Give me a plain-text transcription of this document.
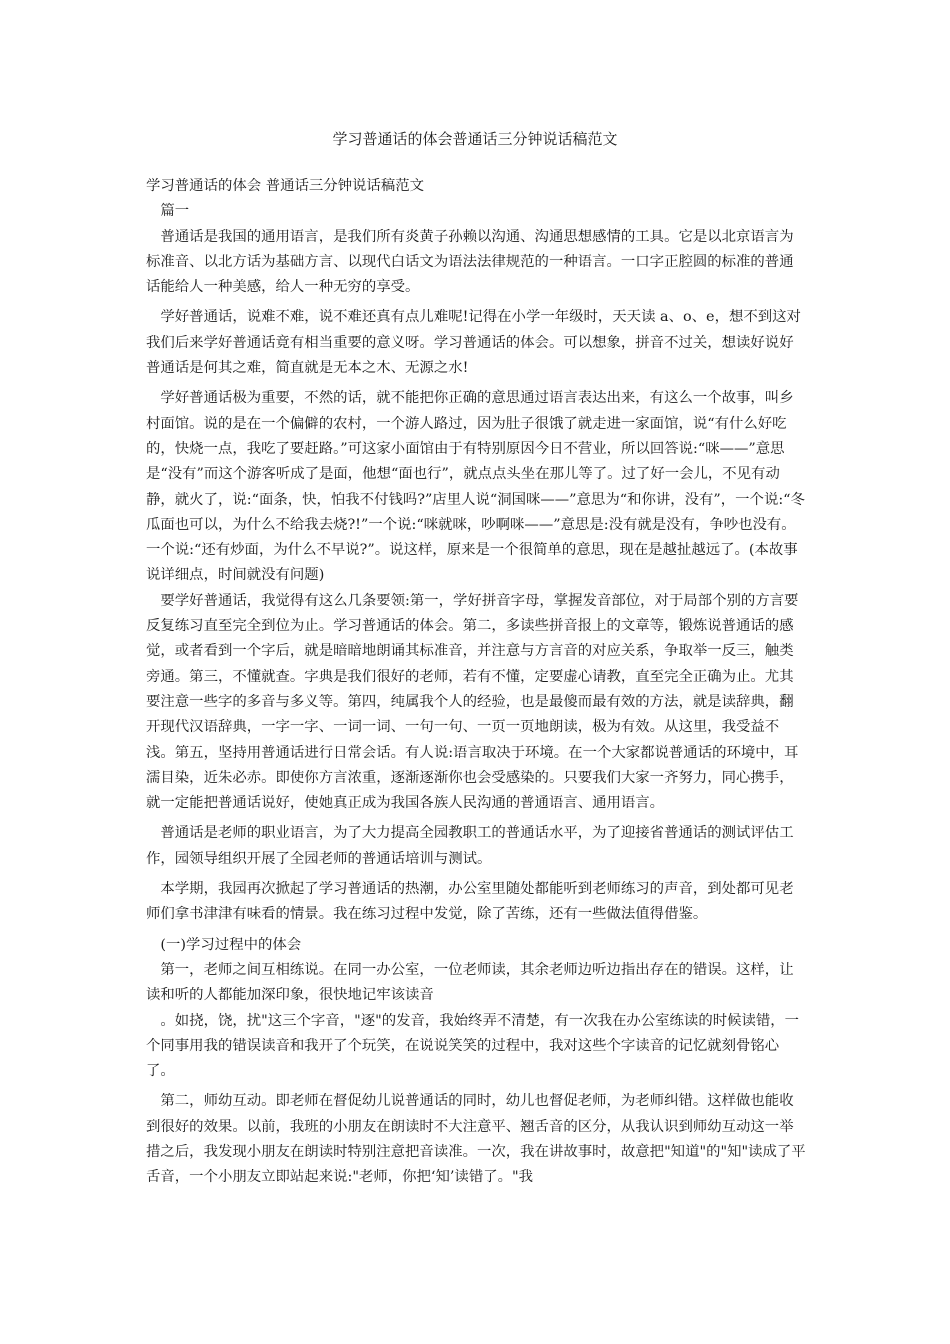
学习普通话的体会普通话三分钟说话稿范文

学习普通话的体会 普通话三分钟说话稿范文

篇一

普通话是我国的通用语言，是我们所有炎黄子孙赖以沟通、沟通思想感情的工具。它是以北京语言为标准音、以北方话为基础方言、以现代白话文为语法法律规范的一种语言。一口字正腔圆的标准的普通话能给人一种美感，给人一种无穷的享受。

学好普通话，说难不难，说不难还真有点儿难呢!记得在小学一年级时，天天读 a、o、e，想不到这对我们后来学好普通话竟有相当重要的意义呀。学习普通话的体会。可以想象，拼音不过关，想读好说好普通话是何其之难，简直就是无本之木、无源之水!

学好普通话极为重要，不然的话，就不能把你正确的意思通过语言表达出来，有这么一个故事，叫乡村面馆。说的是在一个偏僻的农村，一个游人路过，因为肚子很饿了就走进一家面馆，说“有什么好吃的，快烧一点，我吃了要赶路。”可这家小面馆由于有特别原因今日不营业，所以回答说:“咪——”意思是“没有”而这个游客听成了是面，他想“面也行”，就点点头坐在那儿等了。过了好一会儿，不见有动静，就火了，说:“面条，快，怕我不付钱吗?”店里人说“洞国咪——”意思为“和你讲，没有”，一个说:“冬瓜面也可以，为什么不给我去烧?!”一个说:“咪就咪，吵啊咪——”意思是:没有就是没有，争吵也没有。一个说:“还有炒面，为什么不早说?”。说这样，原来是一个很简单的意思，现在是越扯越远了。(本故事说详细点，时间就没有问题)

要学好普通话，我觉得有这么几条要领:第一，学好拼音字母，掌握发音部位，对于局部个别的方言要反复练习直至完全到位为止。学习普通话的体会。第二，多读些拼音报上的文章等，锻炼说普通话的感觉，或者看到一个字后，就是暗暗地朗诵其标准音，并注意与方言音的对应关系，争取举一反三，触类旁通。第三，不懂就查。字典是我们很好的老师，若有不懂，定要虚心请教，直至完全正确为止。尤其要注意一些字的多音与多义等。第四，纯属我个人的经验，也是最傻而最有效的方法，就是读辞典，翻开现代汉语辞典，一字一字、一词一词、一句一句、一页一页地朗读，极为有效。从这里，我受益不浅。第五，坚持用普通话进行日常会话。有人说:语言取决于环境。在一个大家都说普通话的环境中，耳濡目染，近朱必赤。即使你方言浓重，逐渐逐渐你也会受感染的。只要我们大家一齐努力，同心携手，就一定能把普通话说好，使她真正成为我国各族人民沟通的普通语言、通用语言。

普通话是老师的职业语言，为了大力提高全园教职工的普通话水平，为了迎接省普通话的测试评估工作，园领导组织开展了全园老师的普通话培训与测试。

本学期，我园再次掀起了学习普通话的热潮，办公室里随处都能听到老师练习的声音，到处都可见老师们拿书津津有味看的情景。我在练习过程中发觉，除了苦练，还有一些做法值得借鉴。

(一)学习过程中的体会

第一，老师之间互相练说。在同一办公室，一位老师读，其余老师边听边指出存在的错误。这样，让读和听的人都能加深印象，很快地记牢该读音

。如挠，饶，扰"这三个字音，"逐"的发音，我始终弄不清楚，有一次我在办公室练读的时候读错，一个同事用我的错误读音和我开了个玩笑，在说说笑笑的过程中，我对这些个字读音的记忆就刻骨铭心了。

第二，师幼互动。即老师在督促幼儿说普通话的同时，幼儿也督促老师，为老师纠错。这样做也能收到很好的效果。以前，我班的小朋友在朗读时不大注意平、翘舌音的区分，从我认识到师幼互动这一举措之后，我发现小朋友在朗读时特别注意把音读准。一次，我在讲故事时，故意把"知道"的"知"读成了平舌音，一个小朋友立即站起来说:"老师，你把‘知’读错了。"我
